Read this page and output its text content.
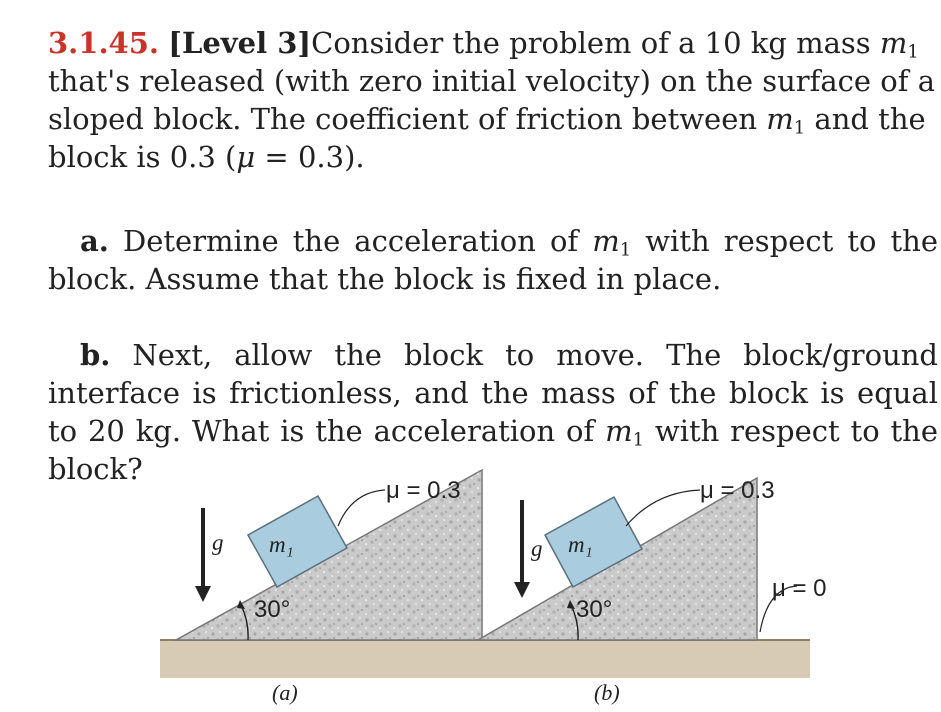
3.1.45. [Level 3]Consider the problem of a 10 kg mass $m_1$ that's released (with zero initial velocity) on the surface of a sloped block. The coefficient of friction between $m_1$ and the block is 0.3 (μ = 0.3).
a. Determine the acceleration of $m_1$ with respect to the block. Assume that the block is fixed in place.
b. Next, allow the block to move. The block/ground interface is frictionless, and the mass of the block is equal to 20 kg. What is the acceleration of $m_1$ with respect to the block?
m₁
30°
g
μ = 0.3
(a)
m₁
30°
g
μ = 0.3
μ = 0
(b)
